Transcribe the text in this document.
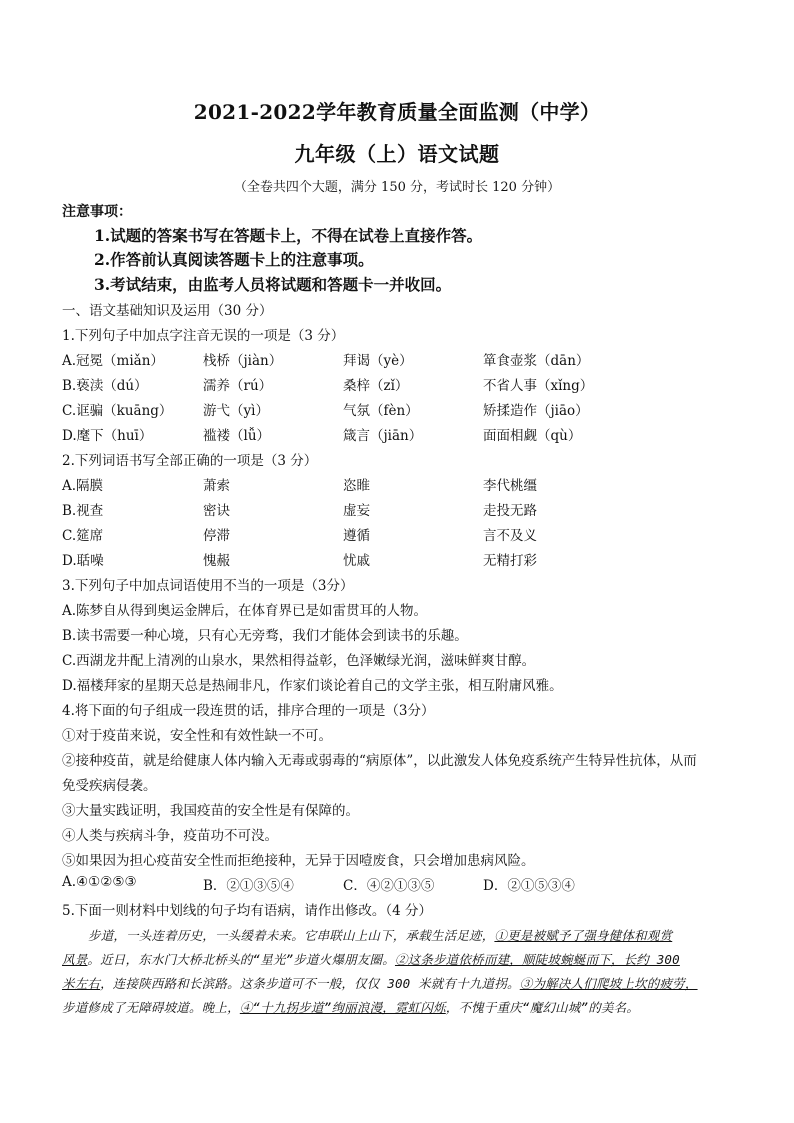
2021-2022学年教育质量全面监测（中学）
九年级（上）语文试题
（全卷共四个大题，满分 150 分，考试时长 120 分钟）
注意事项：
1.试题的答案书写在答题卡上，不得在试卷上直接作答。
2.作答前认真阅读答题卡上的注意事项。
3.考试结束，由监考人员将试题和答题卡一并收回。
一、语文基础知识及运用（30 分）
1.下列句子中加点字注音无误的一项是（3 分）
A.冠冕（miǎn）	栈桥（jiàn）	拜谒（yè）	箪食壶浆（dān）
B.亵渎（dú）	濡养（rú）	桑梓（zǐ）	不省人事（xǐng）
C.诓骗（kuāng） 游弋（yì）	气氛（fèn）	矫揉造作（jiāo）
D.麾下（huī）	褴褛（lǚ）	箴言（jiān）	面面相觑（qù）
2.下列词语书写全部正确的一项是（3 分）
A.隔膜	萧索	恣睢	李代桃缰
B.视查	密诀	虚妄	走投无路
C.筵席	停滞	遵循	言不及义
D.聒噪	愧赧	忧戚	无精打彩
3.下列句子中加点词语使用不当的一项是（3分）
A.陈梦自从得到奥运金牌后，在体育界已是如雷贯耳的人物。
B.读书需要一种心境，只有心无旁骛，我们才能体会到读书的乐趣。
C.西湖龙井配上清冽的山泉水，果然相得益彰，色泽嫩绿光润，滋味鲜爽甘醇。
D.福楼拜家的星期天总是热闹非凡，作家们谈论着自己的文学主张，相互附庸风雅。
4.将下面的句子组成一段连贯的话，排序合理的一项是（3分）
①对于疫苗来说，安全性和有效性缺一不可。
②接种疫苗，就是给健康人体内输入无毒或弱毒的“病原体”，以此激发人体免疫系统产生特异性抗体，从而
免受疾病侵袭。
③大量实践证明，我国疫苗的安全性是有保障的。
④人类与疾病斗争，疫苗功不可没。
⑤如果因为担心疫苗安全性而拒绝接种，无异于因噎废食，只会增加患病风险。
A.④①②⑤③	B．②①③⑤④	C．④②①③⑤	D．②①⑤③④
5.下面一则材料中划线的句子均有语病，请作出修改。（4 分）
步道，一头连着历史，一头缓着未来。它串联山上山下，承载生活足迹，①更是被赋予了强身健体和观赏
风景。近日，东水门大桥北桥头的“星光”步道火爆朋友圈。②这条步道依桥而建，顺陡坡蜿蜒而下，长约 300
米左右，连接陕西路和长滨路。这条步道可不一般，仅仅 300 米就有十九道拐。③为解决人们爬坡上坎的疲劳，
步道修成了无障碍坡道。晚上，④“十九拐步道”绚丽浪漫，霓虹闪烁，不愧于重庆“魔幻山城”的美名。
